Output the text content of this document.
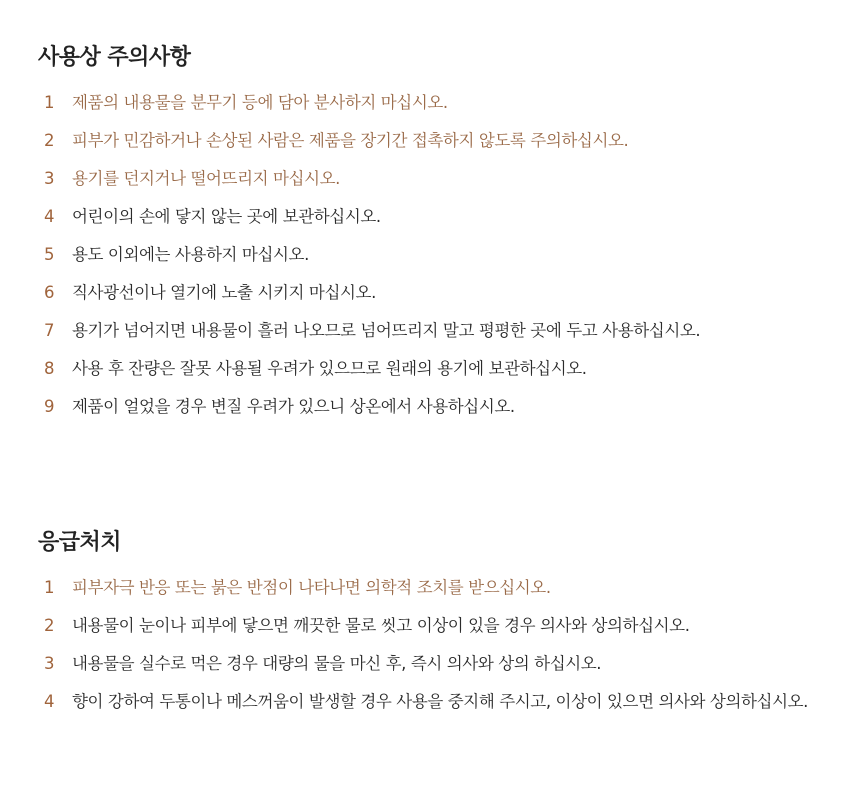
사용상 주의사항
1 제품의 내용물을 분무기 등에 담아 분사하지 마십시오.
2 피부가 민감하거나 손상된 사람은 제품을 장기간 접촉하지 않도록 주의하십시오.
3 용기를 던지거나 떨어뜨리지 마십시오.
4 어린이의 손에 닿지 않는 곳에 보관하십시오.
5 용도 이외에는 사용하지 마십시오.
6 직사광선이나 열기에 노출 시키지 마십시오.
7 용기가 넘어지면 내용물이 흘러 나오므로 넘어뜨리지 말고 평평한 곳에 두고 사용하십시오.
8 사용 후 잔량은 잘못 사용될 우려가 있으므로 원래의 용기에 보관하십시오.
9 제품이 얼었을 경우 변질 우려가 있으니 상온에서 사용하십시오.
응급처치
1 피부자극 반응 또는 붉은 반점이 나타나면 의학적 조치를 받으십시오.
2 내용물이 눈이나 피부에 닿으면 깨끗한 물로 씻고 이상이 있을 경우 의사와 상의하십시오.
3 내용물을 실수로 먹은 경우 대량의 물을 마신 후, 즉시 의사와 상의 하십시오.
4 향이 강하여 두통이나 메스꺼움이 발생할 경우 사용을 중지해 주시고, 이상이 있으면 의사와 상의하십시오.
